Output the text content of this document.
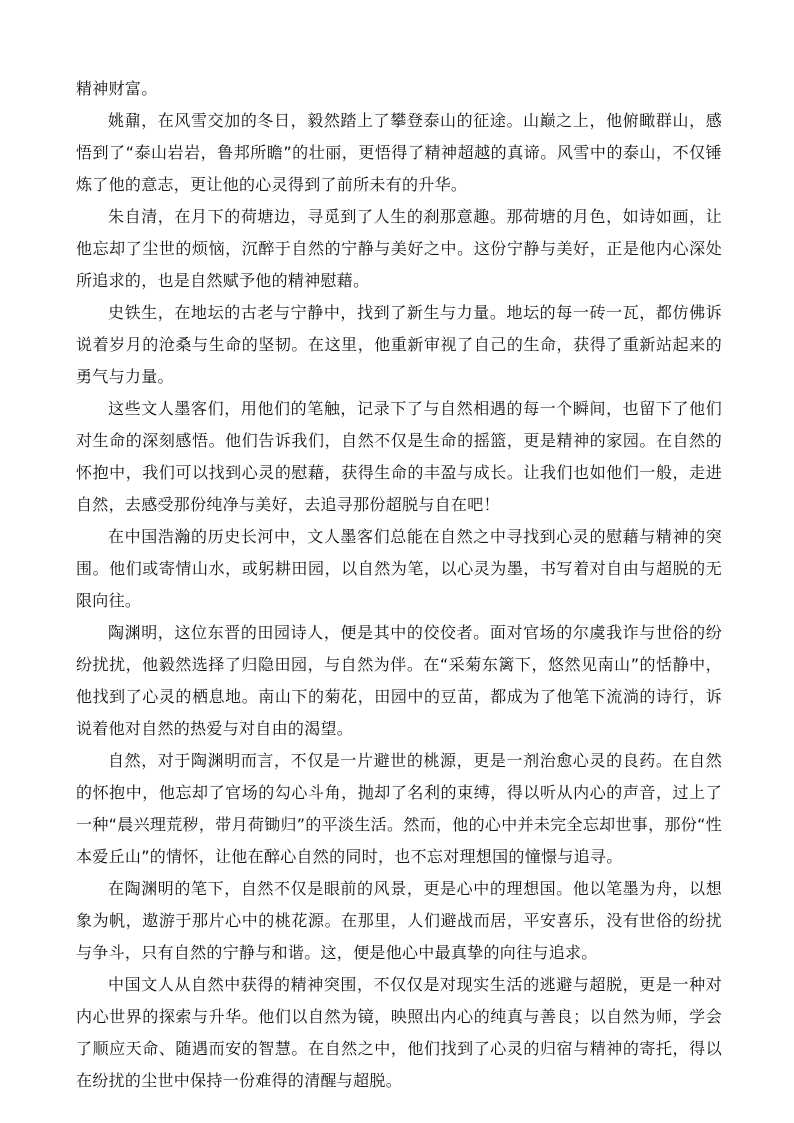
精神财富。

姚鼐，在风雪交加的冬日，毅然踏上了攀登泰山的征途。山巅之上，他俯瞰群山，感悟到了“泰山岩岩，鲁邦所瞻”的壮丽，更悟得了精神超越的真谛。风雪中的泰山，不仅锤炼了他的意志，更让他的心灵得到了前所未有的升华。

朱自清，在月下的荷塘边，寻觅到了人生的刹那意趣。那荷塘的月色，如诗如画，让他忘却了尘世的烦恼，沉醉于自然的宁静与美好之中。这份宁静与美好，正是他内心深处所追求的，也是自然赋予他的精神慰藉。

史铁生，在地坛的古老与宁静中，找到了新生与力量。地坛的每一砖一瓦，都仿佛诉说着岁月的沧桑与生命的坚韧。在这里，他重新审视了自己的生命，获得了重新站起来的勇气与力量。

这些文人墨客们，用他们的笔触，记录下了与自然相遇的每一个瞬间，也留下了他们对生命的深刻感悟。他们告诉我们，自然不仅是生命的摇篮，更是精神的家园。在自然的怀抱中，我们可以找到心灵的慰藉，获得生命的丰盈与成长。让我们也如他们一般，走进自然，去感受那份纯净与美好，去追寻那份超脱与自在吧！

在中国浩瀚的历史长河中，文人墨客们总能在自然之中寻找到心灵的慰藉与精神的突围。他们或寄情山水，或躬耕田园，以自然为笔，以心灵为墨，书写着对自由与超脱的无限向往。

陶渊明，这位东晋的田园诗人，便是其中的佼佼者。面对官场的尔虞我诈与世俗的纷纷扰扰，他毅然选择了归隐田园，与自然为伴。在“采菊东篱下，悠然见南山”的恬静中，他找到了心灵的栖息地。南山下的菊花，田园中的豆苗，都成为了他笔下流淌的诗行，诉说着他对自然的热爱与对自由的渴望。

自然，对于陶渊明而言，不仅是一片避世的桃源，更是一剂治愈心灵的良药。在自然的怀抱中，他忘却了官场的勾心斗角，抛却了名利的束缚，得以听从内心的声音，过上了一种“晨兴理荒秽，带月荷锄归”的平淡生活。然而，他的心中并未完全忘却世事，那份“性本爱丘山”的情怀，让他在醉心自然的同时，也不忘对理想国的憧憬与追寻。

在陶渊明的笔下，自然不仅是眼前的风景，更是心中的理想国。他以笔墨为舟，以想象为帆，遨游于那片心中的桃花源。在那里，人们避战而居，平安喜乐，没有世俗的纷扰与争斗，只有自然的宁静与和谐。这，便是他心中最真挚的向往与追求。

中国文人从自然中获得的精神突围，不仅仅是对现实生活的逃避与超脱，更是一种对内心世界的探索与升华。他们以自然为镜，映照出内心的纯真与善良；以自然为师，学会了顺应天命、随遇而安的智慧。在自然之中，他们找到了心灵的归宿与精神的寄托，得以在纷扰的尘世中保持一份难得的清醒与超脱。
